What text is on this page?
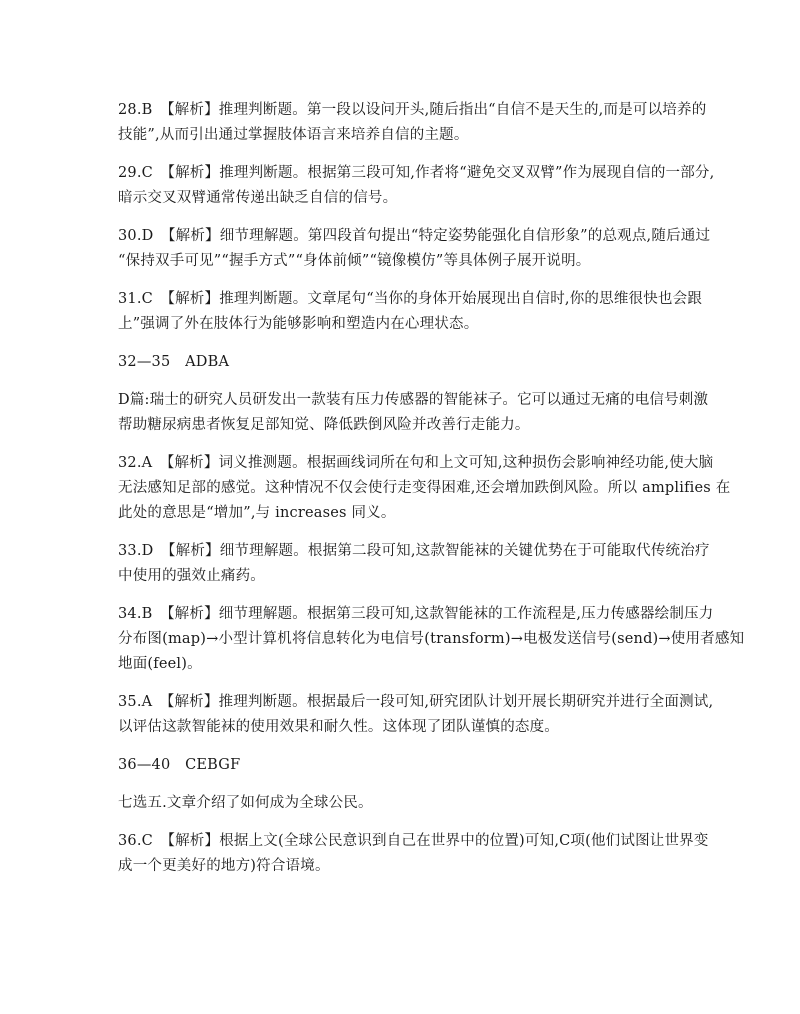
28.B　【解析】推理判断题。第一段以设问开头,随后指出“自信不是天生的,而是可以培养的
技能”,从而引出通过掌握肢体语言来培养自信的主题。
29.C　【解析】推理判断题。根据第三段可知,作者将“避免交叉双臂”作为展现自信的一部分,
暗示交叉双臂通常传递出缺乏自信的信号。
30.D　【解析】细节理解题。第四段首句提出“特定姿势能强化自信形象”的总观点,随后通过
“保持双手可见”“握手方式”“身体前倾”“镜像模仿”等具体例子展开说明。
31.C　【解析】推理判断题。文章尾句“当你的身体开始展现出自信时,你的思维很快也会跟
上”强调了外在肢体行为能够影响和塑造内在心理状态。
32—35　ADBA
D篇:瑞士的研究人员研发出一款装有压力传感器的智能袜子。它可以通过无痛的电信号刺激
帮助糖尿病患者恢复足部知觉、降低跌倒风险并改善行走能力。
32.A　【解析】词义推测题。根据画线词所在句和上文可知,这种损伤会影响神经功能,使大脑
无法感知足部的感觉。这种情况不仅会使行走变得困难,还会增加跌倒风险。所以 amplifies 在
此处的意思是“增加”,与 increases 同义。
33.D　【解析】细节理解题。根据第二段可知,这款智能袜的关键优势在于可能取代传统治疗
中使用的强效止痛药。
34.B　【解析】细节理解题。根据第三段可知,这款智能袜的工作流程是,压力传感器绘制压力
分布图(map)→小型计算机将信息转化为电信号(transform)→电极发送信号(send)→使用者感知
地面(feel)。
35.A　【解析】推理判断题。根据最后一段可知,研究团队计划开展长期研究并进行全面测试,
以评估这款智能袜的使用效果和耐久性。这体现了团队谨慎的态度。
36—40　CEBGF
七选五.文章介绍了如何成为全球公民。
36.C　【解析】根据上文(全球公民意识到自己在世界中的位置)可知,C项(他们试图让世界变
成一个更美好的地方)符合语境。
